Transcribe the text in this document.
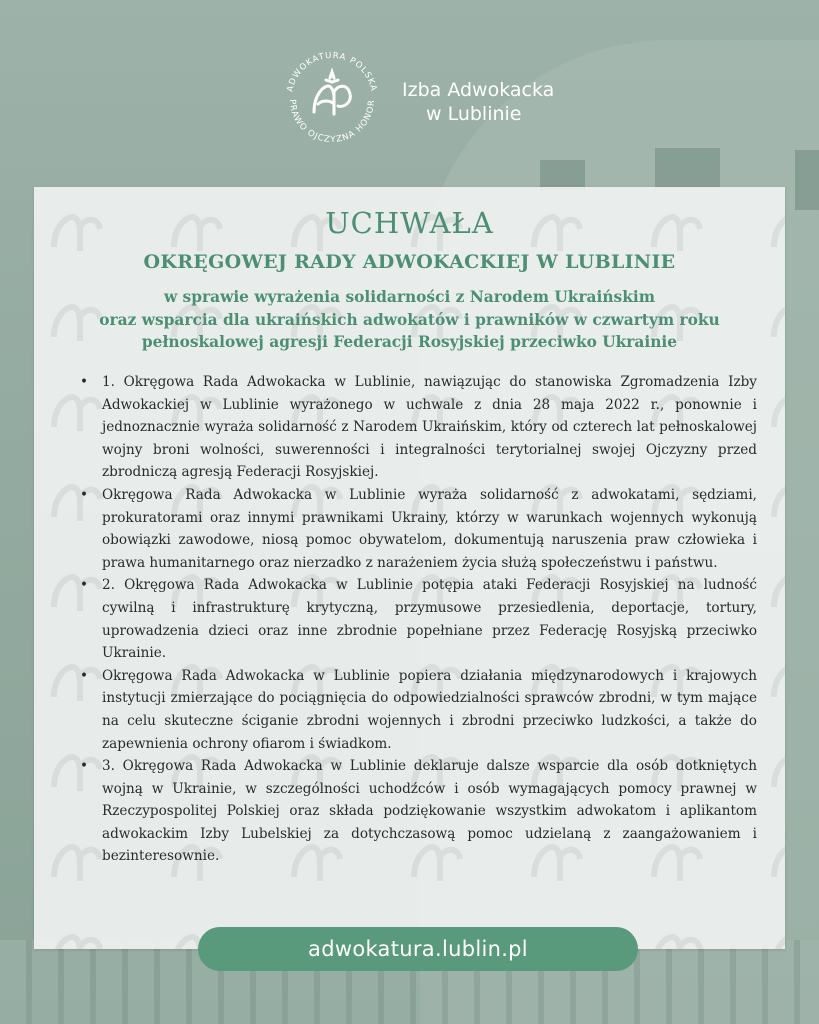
ADWOKATURA POLSKA
PRAWO OJCZYZNA HONOR
Izba Adwokacka
w Lublinie
UCHWAŁA
OKRĘGOWEJ RADY ADWOKACKIEJ W LUBLINIE
w sprawie wyrażenia solidarności z Narodem Ukraińskim
oraz wsparcia dla ukraińskich adwokatów i prawników w czwartym roku
pełnoskalowej agresji Federacji Rosyjskiej przeciwko Ukrainie
• 1. Okręgowa Rada Adwokacka w Lublinie, nawiązując do stanowiska Zgromadzenia Izby Adwokackiej w Lublinie wyrażonego w uchwale z dnia 28 maja 2022 r., ponownie i jednoznacznie wyraża solidarność z Narodem Ukraińskim, który od czterech lat pełnoskalowej wojny broni wolności, suwerenności i integralności terytorialnej swojej Ojczyzny przed zbrodniczą agresją Federacji Rosyjskiej.
• Okręgowa Rada Adwokacka w Lublinie wyraża solidarność z adwokatami, sędziami, prokuratorami oraz innymi prawnikami Ukrainy, którzy w warunkach wojennych wykonują obowiązki zawodowe, niosą pomoc obywatelom, dokumentują naruszenia praw człowieka i prawa humanitarnego oraz nierzadko z narażeniem życia służą społeczeństwu i państwu.
• 2. Okręgowa Rada Adwokacka w Lublinie potępia ataki Federacji Rosyjskiej na ludność cywilną i infrastrukturę krytyczną, przymusowe przesiedlenia, deportacje, tortury, uprowadzenia dzieci oraz inne zbrodnie popełniane przez Federację Rosyjską przeciwko Ukrainie.
• Okręgowa Rada Adwokacka w Lublinie popiera działania międzynarodowych i krajowych instytucji zmierzające do pociągnięcia do odpowiedzialności sprawców zbrodni, w tym mające na celu skuteczne ściganie zbrodni wojennych i zbrodni przeciwko ludzkości, a także do zapewnienia ochrony ofiarom i świadkom.
• 3. Okręgowa Rada Adwokacka w Lublinie deklaruje dalsze wsparcie dla osób dotkniętych wojną w Ukrainie, w szczególności uchodźców i osób wymagających pomocy prawnej w Rzeczypospolitej Polskiej oraz składa podziękowanie wszystkim adwokatom i aplikantom adwokackim Izby Lubelskiej za dotychczasową pomoc udzielaną z zaangażowaniem i bezinteresownie.
adwokatura.lublin.pl
